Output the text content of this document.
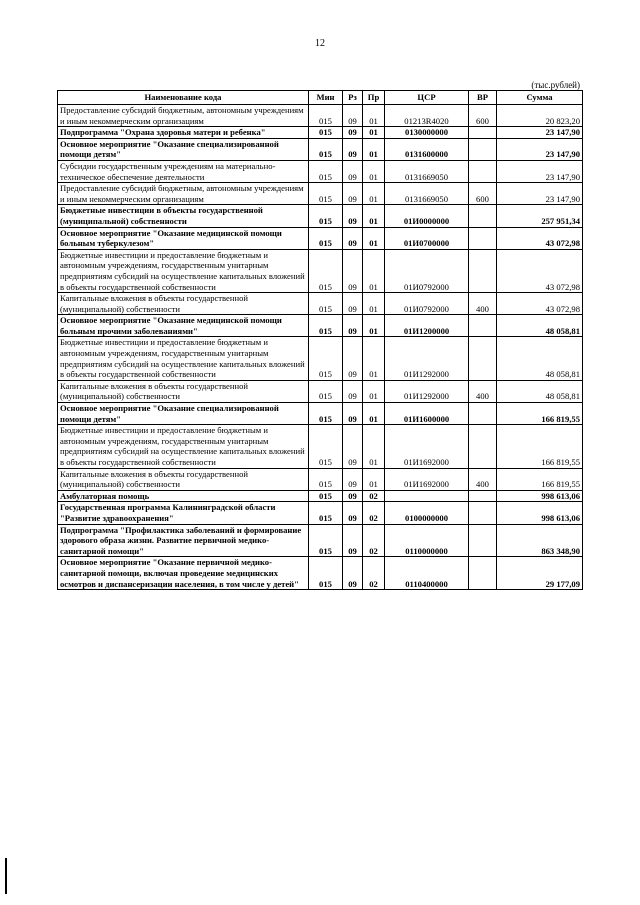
12
(тыс.рублей)
Наименование кода	Мин	Рз	Пр	ЦСР	ВР	Сумма
Предоставление субсидий бюджетным, автономным учреждениям и иным некоммерческим организациям	015	09	01	01213R4020	600	20 823,20
Подпрограмма "Охрана здоровья матери и ребенка"	015	09	01	0130000000		23 147,90
Основное мероприятие "Оказание специализированной помощи детям"	015	09	01	0131600000		23 147,90
Субсидии государственным учреждениям на материально-техническое обеспечение деятельности	015	09	01	0131669050		23 147,90
Предоставление субсидий бюджетным, автономным учреждениям и иным некоммерческим организациям	015	09	01	0131669050	600	23 147,90
Бюджетные инвестиции в объекты государственной (муниципальной) собственности	015	09	01	01И0000000		257 951,34
Основное мероприятие "Оказание медицинской помощи больным туберкулезом"	015	09	01	01И0700000		43 072,98
Бюджетные инвестиции и предоставление бюджетным и автономным учреждениям, государственным унитарным предприятиям субсидий на осуществление капитальных вложений в объекты государственной собственности	015	09	01	01И0792000		43 072,98
Капитальные вложения в объекты государственной (муниципальной) собственности	015	09	01	01И0792000	400	43 072,98
Основное мероприятие "Оказание медицинской помощи больным прочими заболеваниями"	015	09	01	01И1200000		48 058,81
Бюджетные инвестиции и предоставление бюджетным и автономным учреждениям, государственным унитарным предприятиям субсидий на осуществление капитальных вложений в объекты государственной собственности	015	09	01	01И1292000		48 058,81
Капитальные вложения в объекты государственной (муниципальной) собственности	015	09	01	01И1292000	400	48 058,81
Основное мероприятие "Оказание специализированной помощи детям"	015	09	01	01И1600000		166 819,55
Бюджетные инвестиции и предоставление бюджетным и автономным учреждениям, государственным унитарным предприятиям субсидий на осуществление капитальных вложений в объекты государственной собственности	015	09	01	01И1692000		166 819,55
Капитальные вложения в объекты государственной (муниципальной) собственности	015	09	01	01И1692000	400	166 819,55
Амбулаторная помощь	015	09	02			998 613,06
Государственная программа Калининградской области "Развитие здравоохранения"	015	09	02	0100000000		998 613,06
Подпрограмма "Профилактика заболеваний и формирование здорового образа жизни. Развитие первичной медико-санитарной помощи"	015	09	02	0110000000		863 348,90
Основное мероприятие "Оказание первичной медико-санитарной помощи, включая проведение медицинских осмотров и диспансеризации населения, в том числе у детей"	015	09	02	0110400000		29 177,09
